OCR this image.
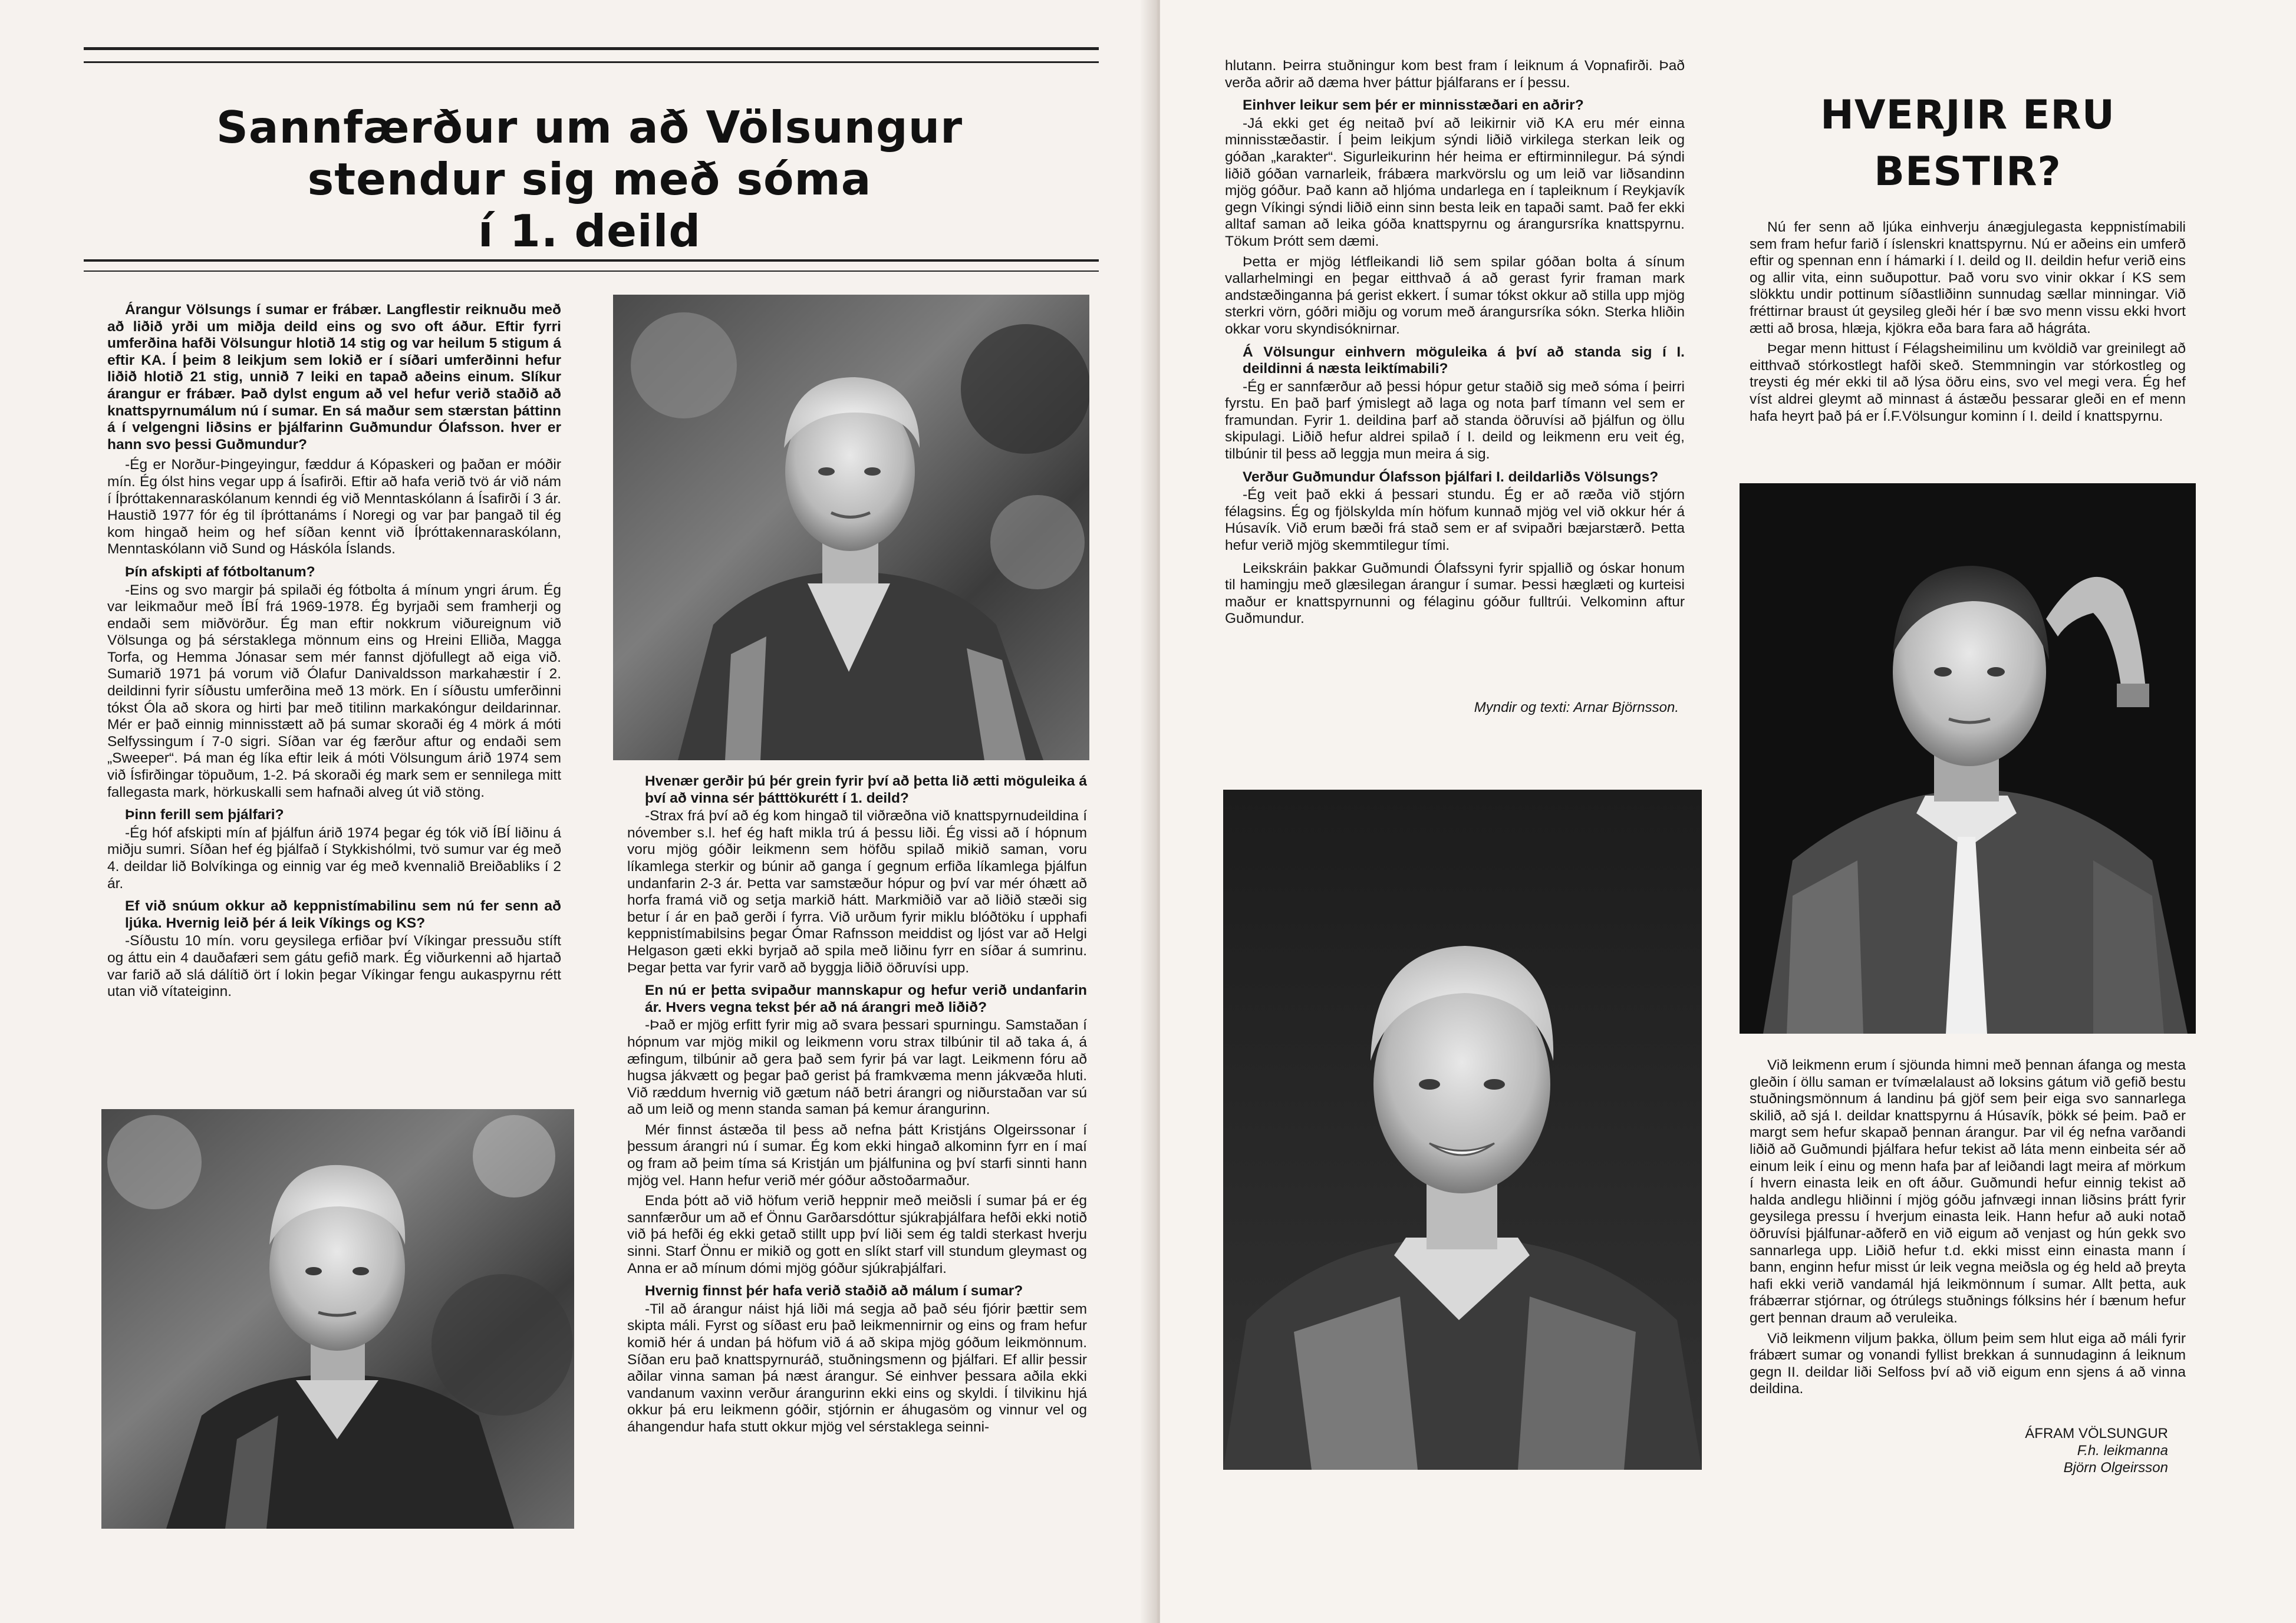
Sannfærður um að Völsungur
stendur sig með sóma
í 1. deild

Árangur Völsungs í sumar er frábær. Langflestir reiknuðu með að liðið yrði um miðja deild eins og svo oft áður. Eftir fyrri umferðina hafði Völsungur hlotið 14 stig og var heilum 5 stigum á eftir KA. Í þeim 8 leikjum sem lokið er í síðari umferðinni hefur liðið hlotið 21 stig, unnið 7 leiki en tapað aðeins einum. Slíkur árangur er frábær. Það dylst engum að vel hefur verið staðið að knattspyrnumálum nú í sumar. En sá maður sem stærstan þáttinn á í velgengni liðsins er þjálfarinn Guðmundur Ólafsson. hver er hann svo þessi Guðmundur?

-Ég er Norður-Þingeyingur, fæddur á Kópaskeri og þaðan er móðir mín. Ég ólst hins vegar upp á Ísafirði. Eftir að hafa verið tvö ár við nám í Íþróttakennaraskólanum kenndi ég við Menntaskólann á Ísafirði í 3 ár. Haustið 1977 fór ég til íþróttanáms í Noregi og var þar þangað til ég kom hingað heim og hef síðan kennt við Íþróttakennaraskólann, Menntaskólann við Sund og Háskóla Íslands.

Þín afskipti af fótboltanum?

-Eins og svo margir þá spilaði ég fótbolta á mínum yngri árum. Ég var leikmaður með ÍBÍ frá 1969-1978. Ég byrjaði sem framherji og endaði sem miðvörður. Ég man eftir nokkrum viðureignum við Völsunga og þá sérstaklega mönnum eins og Hreini Elliða, Magga Torfa, og Hemma Jónasar sem mér fannst djöfullegt að eiga við. Sumarið 1971 þá vorum við Ólafur Danivaldsson markahæstir í 2. deildinni fyrir síðustu umferðina með 13 mörk. En í síðustu umferðinni tókst Óla að skora og hirti þar með titilinn markakóngur deildarinnar. Mér er það einnig minnisstætt að þá sumar skoraði ég 4 mörk á móti Selfyssingum í 7-0 sigri. Síðan var ég færður aftur og endaði sem „Sweeper“. Þá man ég líka eftir leik á móti Völsungum árið 1974 sem við Ísfirðingar töpuðum, 1-2. Þá skoraði ég mark sem er sennilega mitt fallegasta mark, hörkuskalli sem hafnaði alveg út við stöng.

Þinn ferill sem þjálfari?

-Ég hóf afskipti mín af þjálfun árið 1974 þegar ég tók við ÍBÍ liðinu á miðju sumri. Síðan hef ég þjálfað í Stykkishólmi, tvö sumur var ég með 4. deildar lið Bolvíkinga og einnig var ég með kvennalið Breiðabliks í 2 ár.

Ef við snúum okkur að keppnistímabilinu sem nú fer senn að ljúka. Hvernig leið þér á leik Víkings og KS?

-Síðustu 10 mín. voru geysilega erfiðar því Víkingar pressuðu stíft og áttu ein 4 dauðafæri sem gátu gefið mark. Ég viðurkenni að hjartað var farið að slá dálítið ört í lokin þegar Víkingar fengu aukaspyrnu rétt utan við vítateiginn.

Hvenær gerðir þú þér grein fyrir því að þetta lið ætti möguleika á því að vinna sér þátttökurétt í 1. deild?

-Strax frá því að ég kom hingað til viðræðna við knattspyrnudeildina í nóvember s.l. hef ég haft mikla trú á þessu liði. Ég vissi að í hópnum voru mjög góðir leikmenn sem höfðu spilað mikið saman, voru líkamlega sterkir og búnir að ganga í gegnum erfiða líkamlega þjálfun undanfarin 2-3 ár. Þetta var samstæður hópur og því var mér óhætt að horfa framá við og setja markið hátt. Markmiðið var að liðið stæði sig betur í ár en það gerði í fyrra. Við urðum fyrir miklu blóðtöku í upphafi keppnistímabilsins þegar Ómar Rafnsson meiddist og ljóst var að Helgi Helgason gæti ekki byrjað að spila með liðinu fyrr en síðar á sumrinu. Þegar þetta var fyrir varð að byggja liðið öðruvísi upp.

En nú er þetta svipaður mannskapur og hefur verið undanfarin ár. Hvers vegna tekst þér að ná árangri með liðið?

-Það er mjög erfitt fyrir mig að svara þessari spurningu. Samstaðan í hópnum var mjög mikil og leikmenn voru strax tilbúnir til að taka á, á æfingum, tilbúnir að gera það sem fyrir þá var lagt. Leikmenn fóru að hugsa jákvætt og þegar það gerist þá framkvæma menn jákvæða hluti. Við ræddum hvernig við gætum náð betri árangri og niðurstaðan var sú að um leið og menn standa saman þá kemur árangurinn.

Mér finnst ástæða til þess að nefna þátt Kristjáns Olgeirssonar í þessum árangri nú í sumar. Ég kom ekki hingað alkominn fyrr en í maí og fram að þeim tíma sá Kristján um þjálfunina og því starfi sinnti hann mjög vel. Hann hefur verið mér góður aðstoðarmaður.

Enda þótt að við höfum verið heppnir með meiðsli í sumar þá er ég sannfærður um að ef Önnu Garðarsdóttur sjúkraþjálfara hefði ekki notið við þá hefði ég ekki getað stillt upp því liði sem ég taldi sterkast hverju sinni. Starf Önnu er mikið og gott en slíkt starf vill stundum gleymast og Anna er að mínum dómi mjög góður sjúkraþjálfari.

Hvernig finnst þér hafa verið staðið að málum í sumar?

-Til að árangur náist hjá liði má segja að það séu fjórir þættir sem skipta máli. Fyrst og síðast eru það leikmennirnir og eins og fram hefur komið hér á undan þá höfum við á að skipa mjög góðum leikmönnum. Síðan eru það knattspyrnuráð, stuðningsmenn og þjálfari. Ef allir þessir aðilar vinna saman þá næst árangur. Sé einhver þessara aðila ekki vandanum vaxinn verður árangurinn ekki eins og skyldi. Í tilvikinu hjá okkur þá eru leikmenn góðir, stjórnin er áhugasöm og vinnur vel og áhangendur hafa stutt okkur mjög vel sérstaklega seinni-

hlutann. Þeirra stuðningur kom best fram í leiknum á Vopnafirði. Það verða aðrir að dæma hver þáttur þjálfarans er í þessu.

Einhver leikur sem þér er minnisstæðari en aðrir?

-Já ekki get ég neitað því að leikirnir við KA eru mér einna minnisstæðastir. Í þeim leikjum sýndi liðið virkilega sterkan leik og góðan „karakter“. Sigurleikurinn hér heima er eftirminnilegur. Þá sýndi liðið góðan varnarleik, frábæra markvörslu og um leið var liðsandinn mjög góður. Það kann að hljóma undarlega en í tapleiknum í Reykjavík gegn Víkingi sýndi liðið einn sinn besta leik en tapaði samt. Það fer ekki alltaf saman að leika góða knattspyrnu og árangursríka knattspyrnu. Tökum Þrótt sem dæmi.

Þetta er mjög létfleikandi lið sem spilar góðan bolta á sínum vallarhelmingi en þegar eitthvað á að gerast fyrir framan mark andstæðinganna þá gerist ekkert. Í sumar tókst okkur að stilla upp mjög sterkri vörn, góðri miðju og vorum með árangursríka sókn. Sterka hliðin okkar voru skyndisóknirnar.

Á Völsungur einhvern möguleika á því að standa sig í I. deildinni á næsta leiktímabili?

-Ég er sannfærður að þessi hópur getur staðið sig með sóma í þeirri fyrstu. En það þarf ýmislegt að laga og nota þarf tímann vel sem er framundan. Fyrir 1. deildina þarf að standa öðruvísi að þjálfun og öllu skipulagi. Liðið hefur aldrei spilað í I. deild og leikmenn eru veit ég, tilbúnir til þess að leggja mun meira á sig.

Verður Guðmundur Ólafsson þjálfari I. deildarliðs Völsungs?

-Ég veit það ekki á þessari stundu. Ég er að ræða við stjórn félagsins. Ég og fjölskylda mín höfum kunnað mjög vel við okkur hér á Húsavík. Við erum bæði frá stað sem er af svipaðri bæjarstærð. Þetta hefur verið mjög skemmtilegur tími.

Leikskráin þakkar Guðmundi Ólafssyni fyrir spjallið og óskar honum til hamingju með glæsilegan árangur í sumar. Þessi hæglæti og kurteisi maður er knattspyrnunni og félaginu góður fulltrúi. Velkominn aftur Guðmundur.

Myndir og texti: Arnar Björnsson.
HVERJIR ERU
BESTIR?

Nú fer senn að ljúka einhverju ánægjulegasta keppnistímabili sem fram hefur farið í íslenskri knattspyrnu. Nú er aðeins ein umferð eftir og spennan enn í hámarki í I. deild og II. deildin hefur verið eins og allir vita, einn suðupottur. Það voru svo vinir okkar í KS sem slökktu undir pottinum síðastliðinn sunnudag sællar minningar. Við fréttirnar braust út geysileg gleði hér í bæ svo menn vissu ekki hvort ætti að brosa, hlæja, kjökra eða bara fara að hágráta.

Þegar menn hittust í Félagsheimilinu um kvöldið var greinilegt að eitthvað stórkostlegt hafði skeð. Stemmningin var stórkostleg og treysti ég mér ekki til að lýsa öðru eins, svo vel megi vera. Ég hef víst aldrei gleymt að minnast á ástæðu þessarar gleði en ef menn hafa heyrt það þá er Í.F.Völsungur kominn í I. deild í knattspyrnu.

Við leikmenn erum í sjöunda himni með þennan áfanga og mesta gleðin í öllu saman er tvímælalaust að loksins gátum við gefið bestu stuðningsmönnum á landinu þá gjöf sem þeir eiga svo sannarlega skilið, að sjá I. deildar knattspyrnu á Húsavík, þökk sé þeim. Það er margt sem hefur skapað þennan árangur. Þar vil ég nefna varðandi liðið að Guðmundi þjálfara hefur tekist að láta menn einbeita sér að einum leik í einu og menn hafa þar af leiðandi lagt meira af mörkum í hvern einasta leik en oft áður. Guðmundi hefur einnig tekist að halda andlegu hliðinni í mjög góðu jafnvægi innan liðsins þrátt fyrir geysilega pressu í hverjum einasta leik. Hann hefur að auki notað öðruvísi þjálfunar-aðferð en við eigum að venjast og hún gekk svo sannarlega upp. Liðið hefur t.d. ekki misst einn einasta mann í bann, enginn hefur misst úr leik vegna meiðsla og ég held að þreyta hafi ekki verið vandamál hjá leikmönnum í sumar. Allt þetta, auk frábærrar stjórnar, og ótrúlegs stuðnings fólksins hér í bænum hefur gert þennan draum að veruleika.

Við leikmenn viljum þakka, öllum þeim sem hlut eiga að máli fyrir frábært sumar og vonandi fyllist brekkan á sunnudaginn á leiknum gegn II. deildar liði Selfoss því að við eigum enn sjens á að vinna deildina.

ÁFRAM VÖLSUNGUR
F.h. leikmanna
Björn Olgeirsson
